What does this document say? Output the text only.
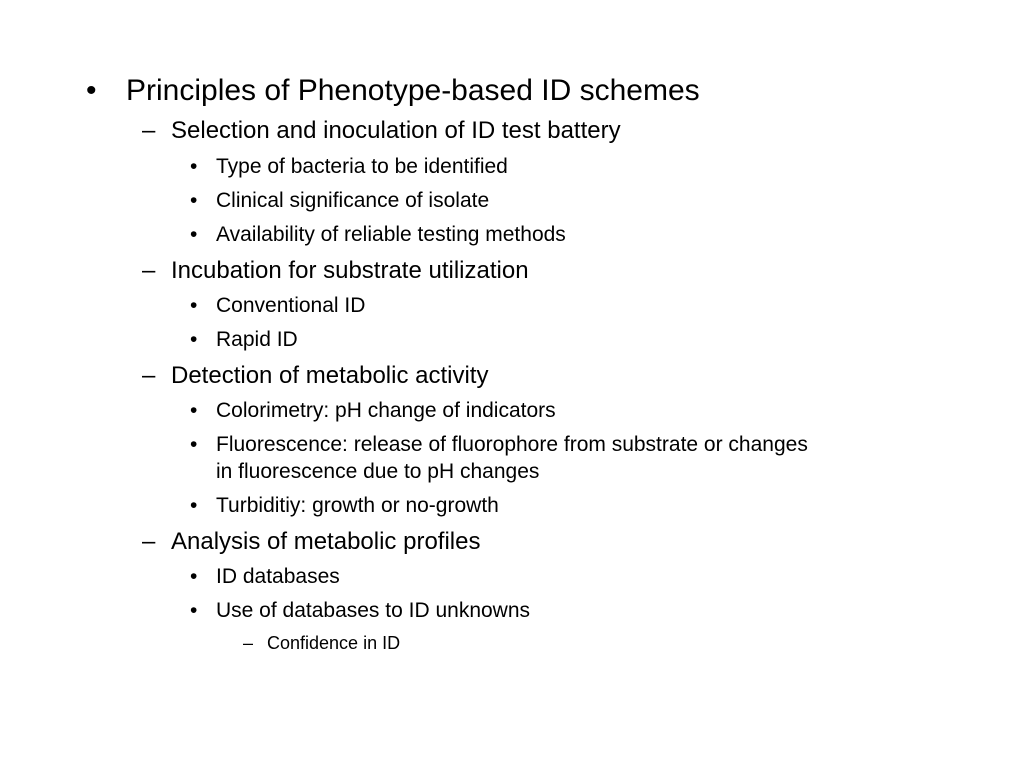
• Principles of Phenotype-based ID schemes
– Selection and inoculation of ID test battery
• Type of bacteria to be identified
• Clinical significance of isolate
• Availability of reliable testing methods
– Incubation for substrate utilization
• Conventional ID
• Rapid ID
– Detection of metabolic activity
• Colorimetry: pH change of indicators
• Fluorescence: release of fluorophore from substrate or changes
in fluorescence due to pH changes
• Turbiditiy: growth or no-growth
– Analysis of metabolic profiles
• ID databases
• Use of databases to ID unknowns
– Confidence in ID
